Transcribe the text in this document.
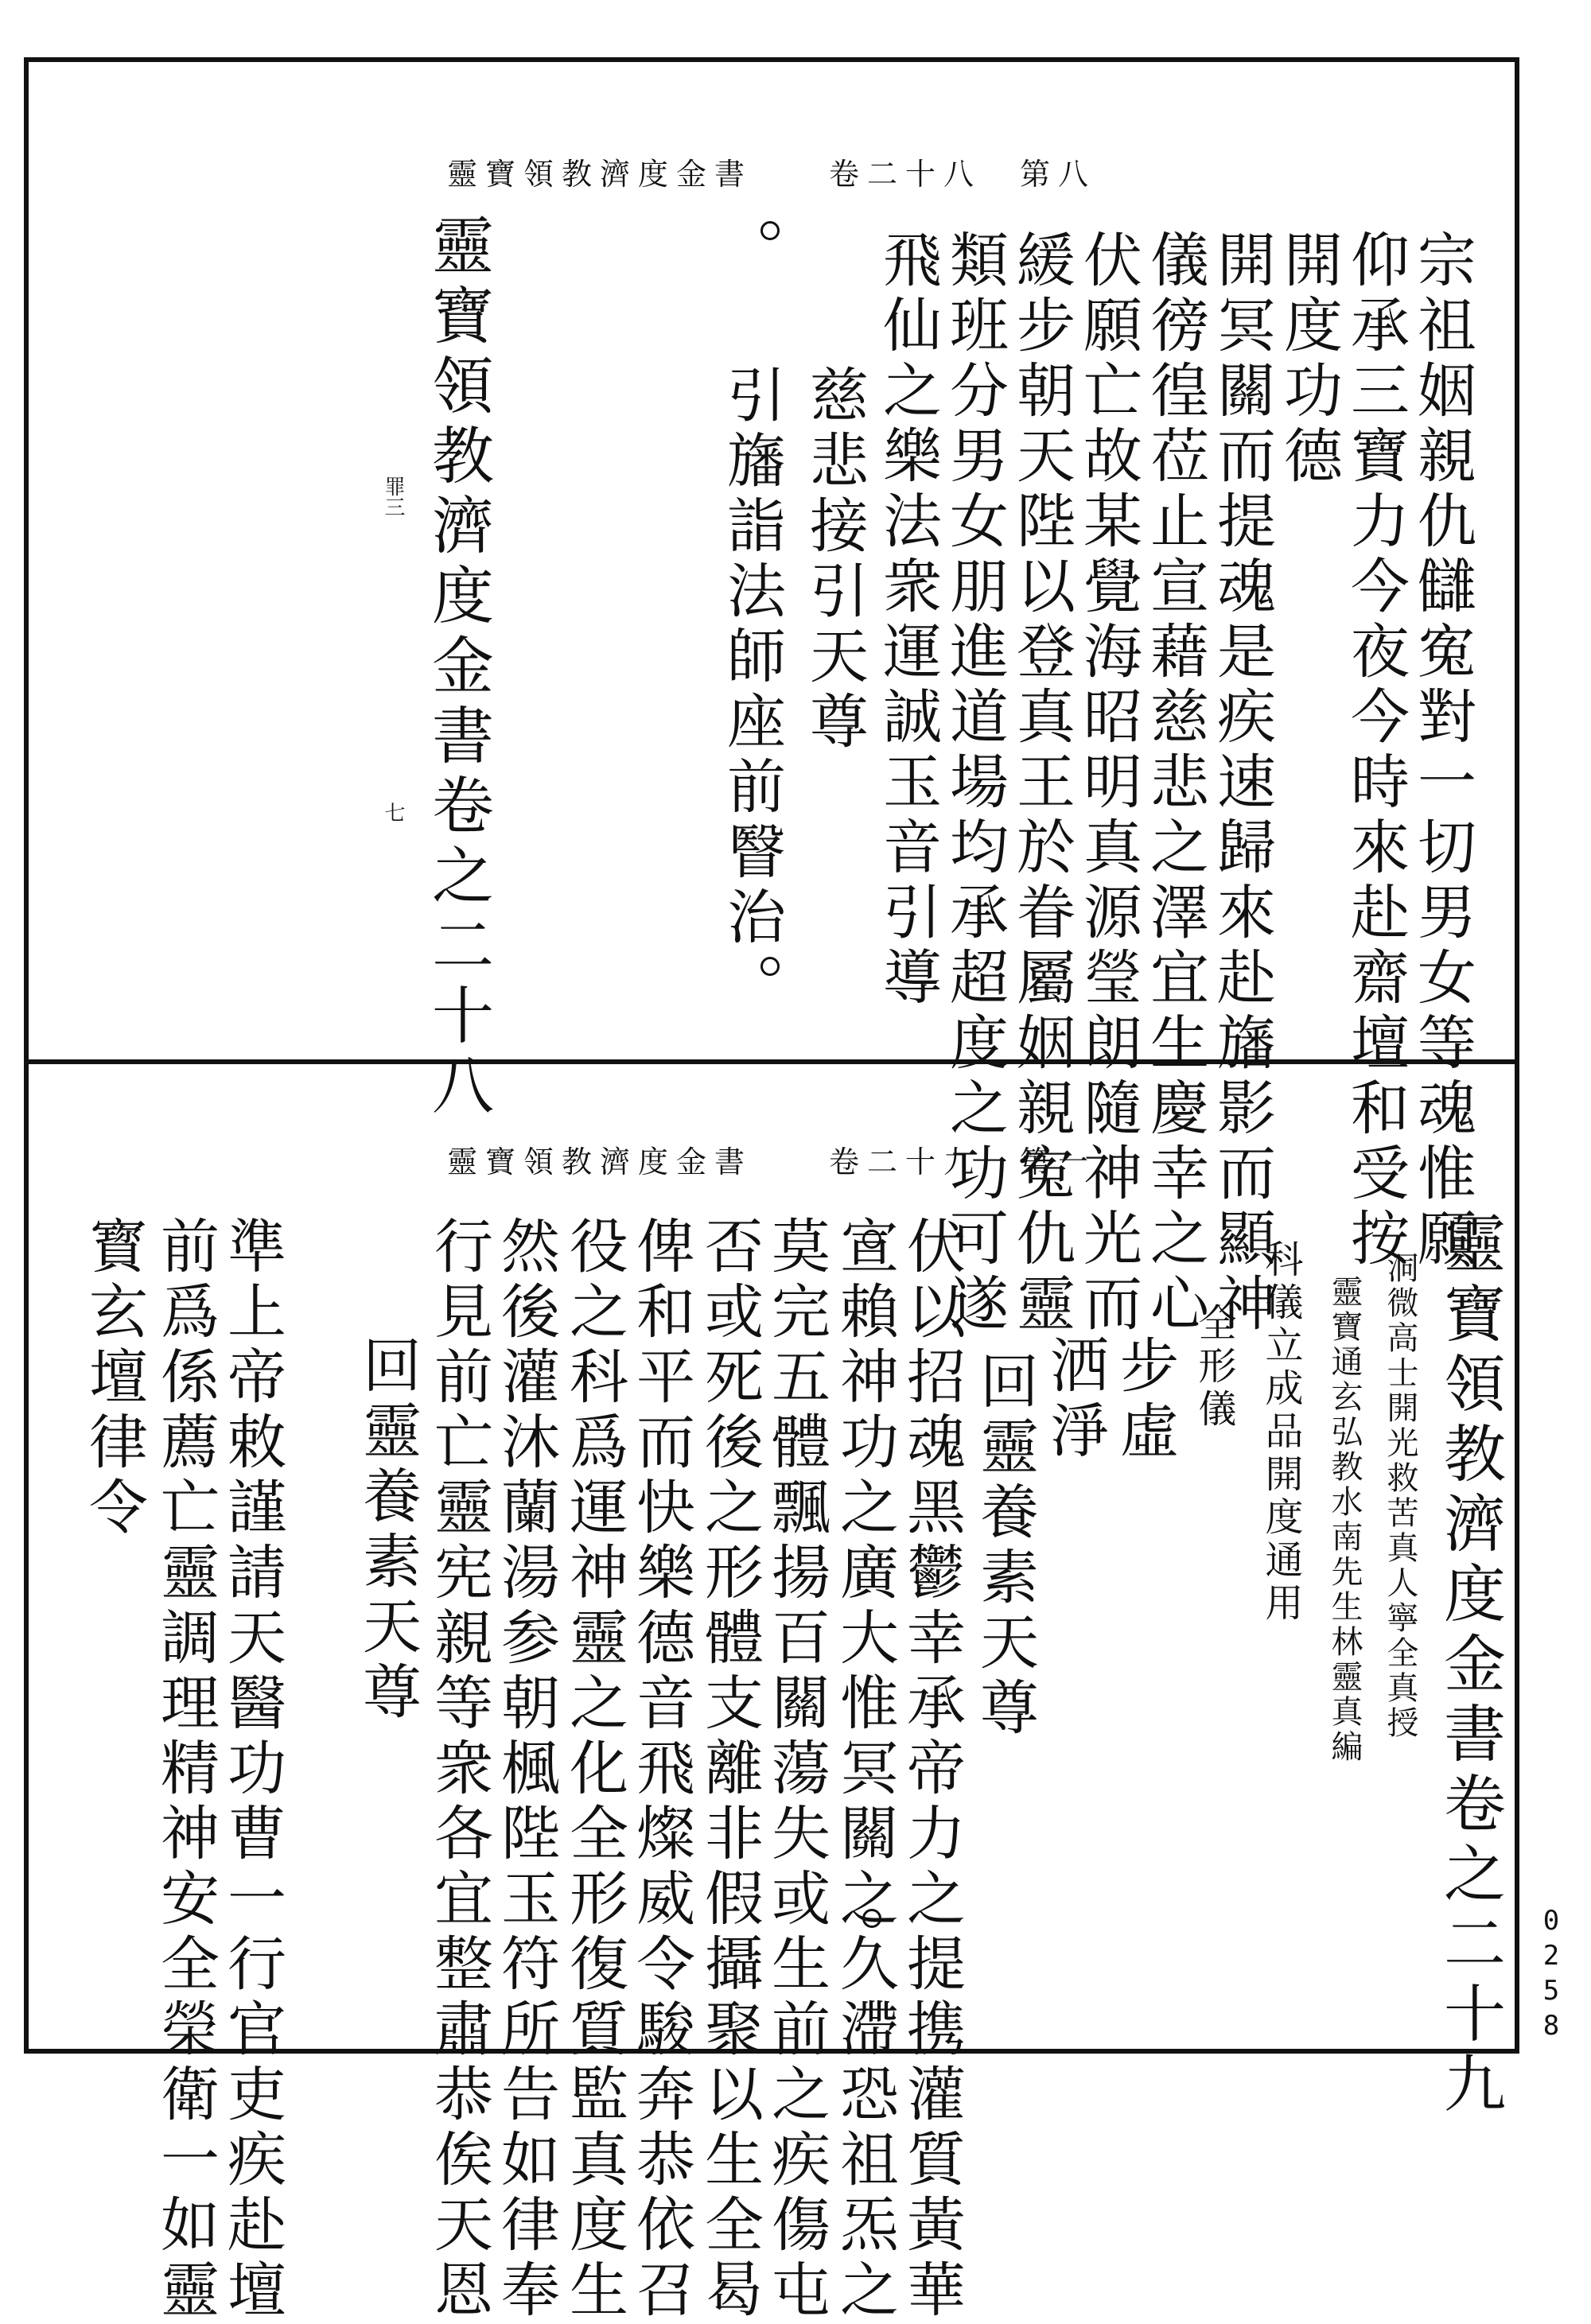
靈寶領教濟度金書　　卷二十八　第八
宗祖姻親仇讎寃對一切男女等魂惟願
仰承三寶力今夜今時來赴齋壇和受按
開度功德
開冥關而提魂是疾速歸來赴旛影而顯神
儀徬徨莅止宣藉慈悲之澤宜生慶幸之心
伏願亡故某覺海昭明真源瑩朗隨神光而
緩步朝天陛以登真王於眷屬姻親寃仇靈
類班分男女朋進道場均承超度之功可遂
飛仙之樂法衆運誠玉音引導
慈悲接引天尊
引旛詣法師座前瞖治
靈寶領教濟度金書卷之二十八
罪三
七
靈寶領教濟度金書　　卷二十九　第一
靈寶領教濟度金書卷之二十九
洞微高士開光救苦真人寧全真授
靈寶通玄弘教水南先生林靈真編
科儀立成品開度通用
全形儀
步虛
洒淨
回靈養素天尊
伏以招魂黑鬱幸承帝力之提携灌質黃華
宣賴神功之廣大惟冥關之久滯恐祖炁之
莫完五體飄揚百關蕩失或生前之疾傷屯
否或死後之形體支離非假攝聚以生全曷
俾和平而快樂德音飛燦威令駿奔恭依召
役之科爲運神靈之化全形復質監真度生
然後灌沐蘭湯参朝楓陛玉符所告如律奉
行見前亡靈宪親等衆各宜整肅恭俟天恩
回靈養素天尊
準上帝敕謹請天醫功曹一行官吏疾赴壇
前爲係薦亡靈調理精神安全榮衛一如靈
寳玄壇律令
0258
